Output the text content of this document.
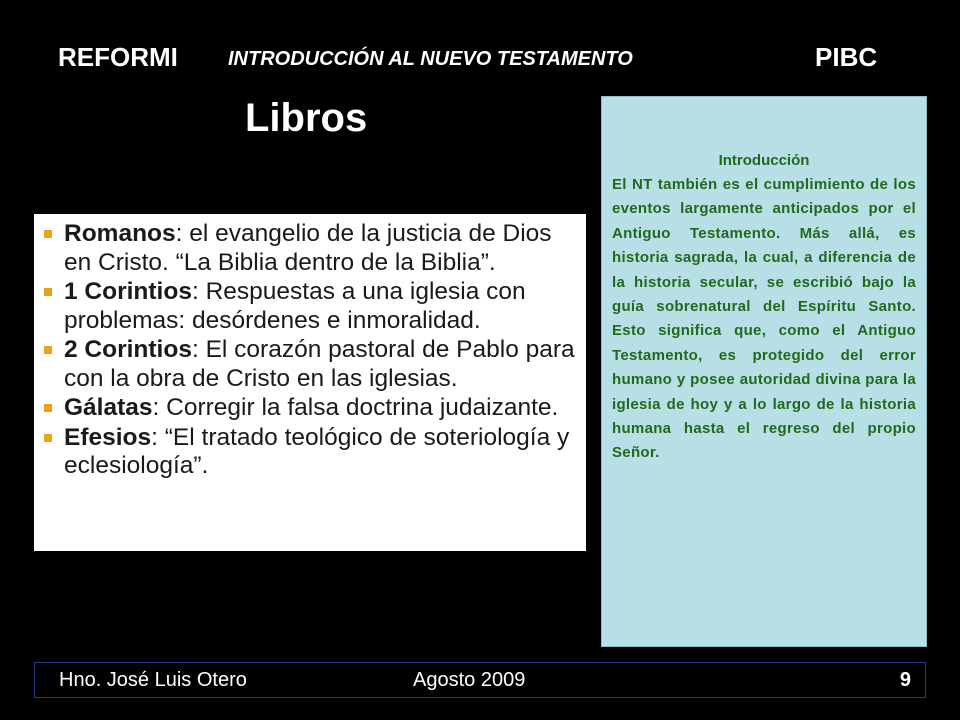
REFORMI	INTRODUCCIÓN AL NUEVO TESTAMENTO	PIBC
Libros
Romanos: el evangelio de la justicia de Dios en Cristo. “La Biblia dentro de la Biblia”.
1 Corintios: Respuestas a una iglesia con problemas: desórdenes e inmoralidad.
2 Corintios: El corazón pastoral de Pablo para con la obra de Cristo en las iglesias.
Gálatas: Corregir la falsa doctrina judaizante.
Efesios: “El tratado teológico de soteriología y eclesiología”.
Introducción
El NT también es el cumplimiento de los eventos largamente anticipados por el Antiguo Testamento. Más allá, es historia sagrada, la cual, a diferencia de la historia secular, se escribió bajo la guía sobrenatural del Espíritu Santo. Esto significa que, como el Antiguo Testamento, es protegido del error humano y posee autoridad divina para la iglesia de hoy y a lo largo de la historia humana hasta el regreso del propio Señor.
Hno. José Luis Otero	Agosto 2009	9
